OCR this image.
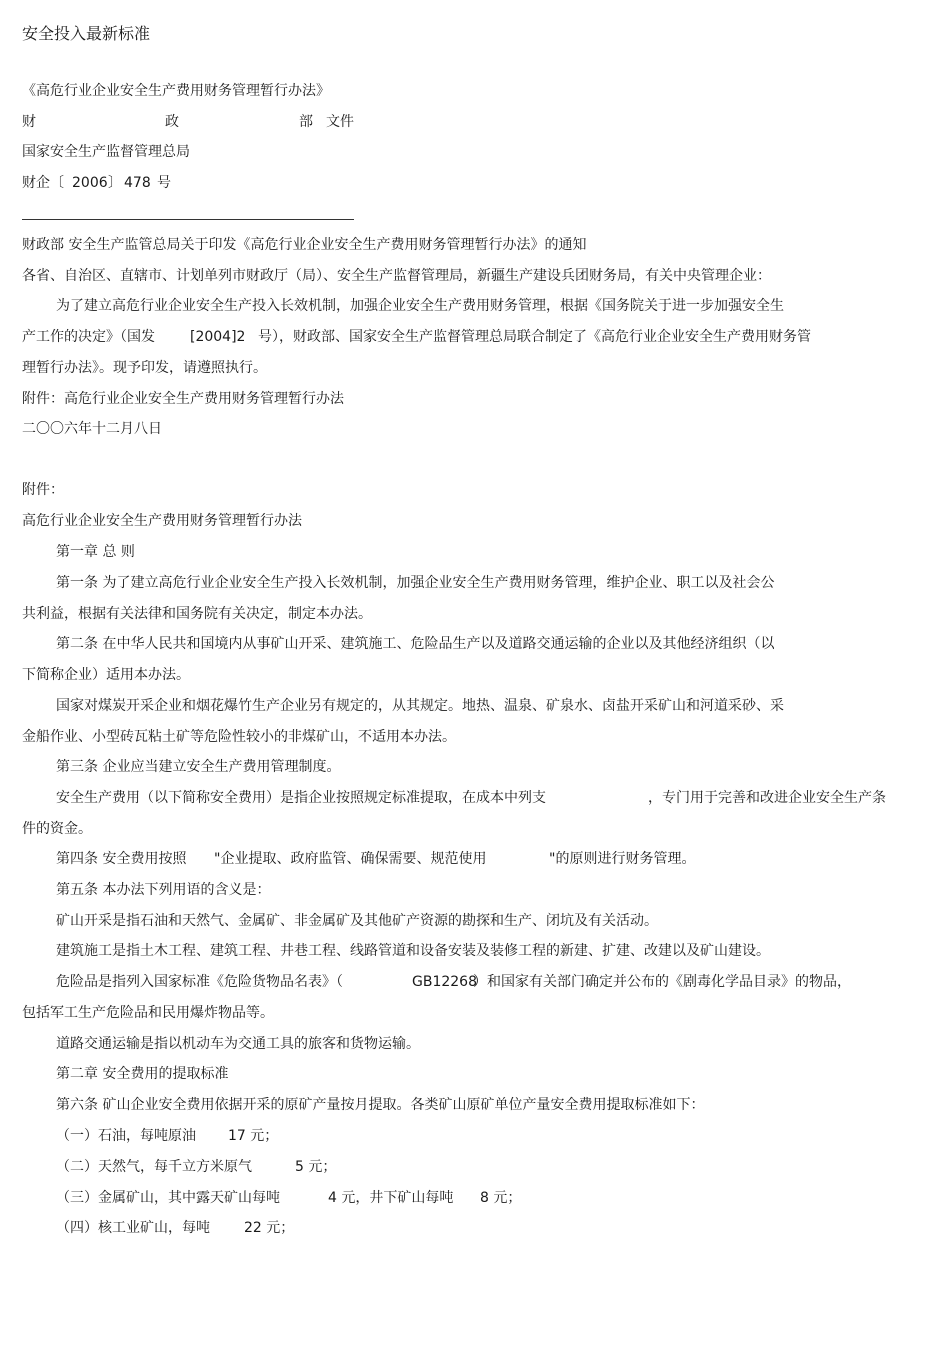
安全投入最新标准
《高危行业企业安全生产费用财务管理暂行办法》
财	政	部 文件
国家安全生产监督管理总局
财企〔 2006 〕 478 号
财政部 安全生产监管总局关于印发《高危行业企业安全生产费用财务管理暂行办法》的通知
各省、自治区、直辖市、计划单列市财政厅（局）、安全生产监督管理局，新疆生产建设兵团财务局，有关中央管理企业：
为了建立高危行业企业安全生产投入长效机制，加强企业安全生产费用财务管理，根据《国务院关于进一步加强安全生
产工作的决定》（国发	[2004]2 号），财政部、国家安全生产监督管理总局联合制定了《高危行业企业安全生产费用财务管
理暂行办法》。现予印发，请遵照执行。
附件：高危行业企业安全生产费用财务管理暂行办法
二〇〇六年十二月八日
附件：
高危行业企业安全生产费用财务管理暂行办法
第一章 总 则
第一条 为了建立高危行业企业安全生产投入长效机制，加强企业安全生产费用财务管理，维护企业、职工以及社会公
共利益，根据有关法律和国务院有关决定，制定本办法。
第二条 在中华人民共和国境内从事矿山开采、建筑施工、危险品生产以及道路交通运输的企业以及其他经济组织（以
下简称企业）适用本办法。
国家对煤炭开采企业和烟花爆竹生产企业另有规定的，从其规定。地热、温泉、矿泉水、卤盐开采矿山和河道采砂、采
金船作业、小型砖瓦粘土矿等危险性较小的非煤矿山，不适用本办法。
第三条 企业应当建立安全生产费用管理制度。
安全生产费用（以下简称安全费用）是指企业按照规定标准提取，在成本中列支	，专门用于完善和改进企业安全生产条
件的资金。
第四条 安全费用按照 "企业提取、政府监管、确保需要、规范使用	"的原则进行财务管理。
第五条 本办法下列用语的含义是：
矿山开采是指石油和天然气、金属矿、非金属矿及其他矿产资源的勘探和生产、闭坑及有关活动。
建筑施工是指土木工程、建筑工程、井巷工程、线路管道和设备安装及装修工程的新建、扩建、改建以及矿山建设。
危险品是指列入国家标准《危险货物品名表》（	GB12268
）和国家有关部门确定并公布的《剧毒化学品目录》的物品，
包括军工生产危险品和民用爆炸物品等。
道路交通运输是指以机动车为交通工具的旅客和货物运输。
第二章 安全费用的提取标准
第六条 矿山企业安全费用依据开采的原矿产量按月提取。各类矿山原矿单位产量安全费用提取标准如下：
（一）石油，每吨原油 17 元；
（二）天然气，每千立方米原气	5 元；
（三）金属矿山，其中露天矿山每吨	4 元，井下矿山每吨 8 元；
（四）核工业矿山，每吨 22 元；
